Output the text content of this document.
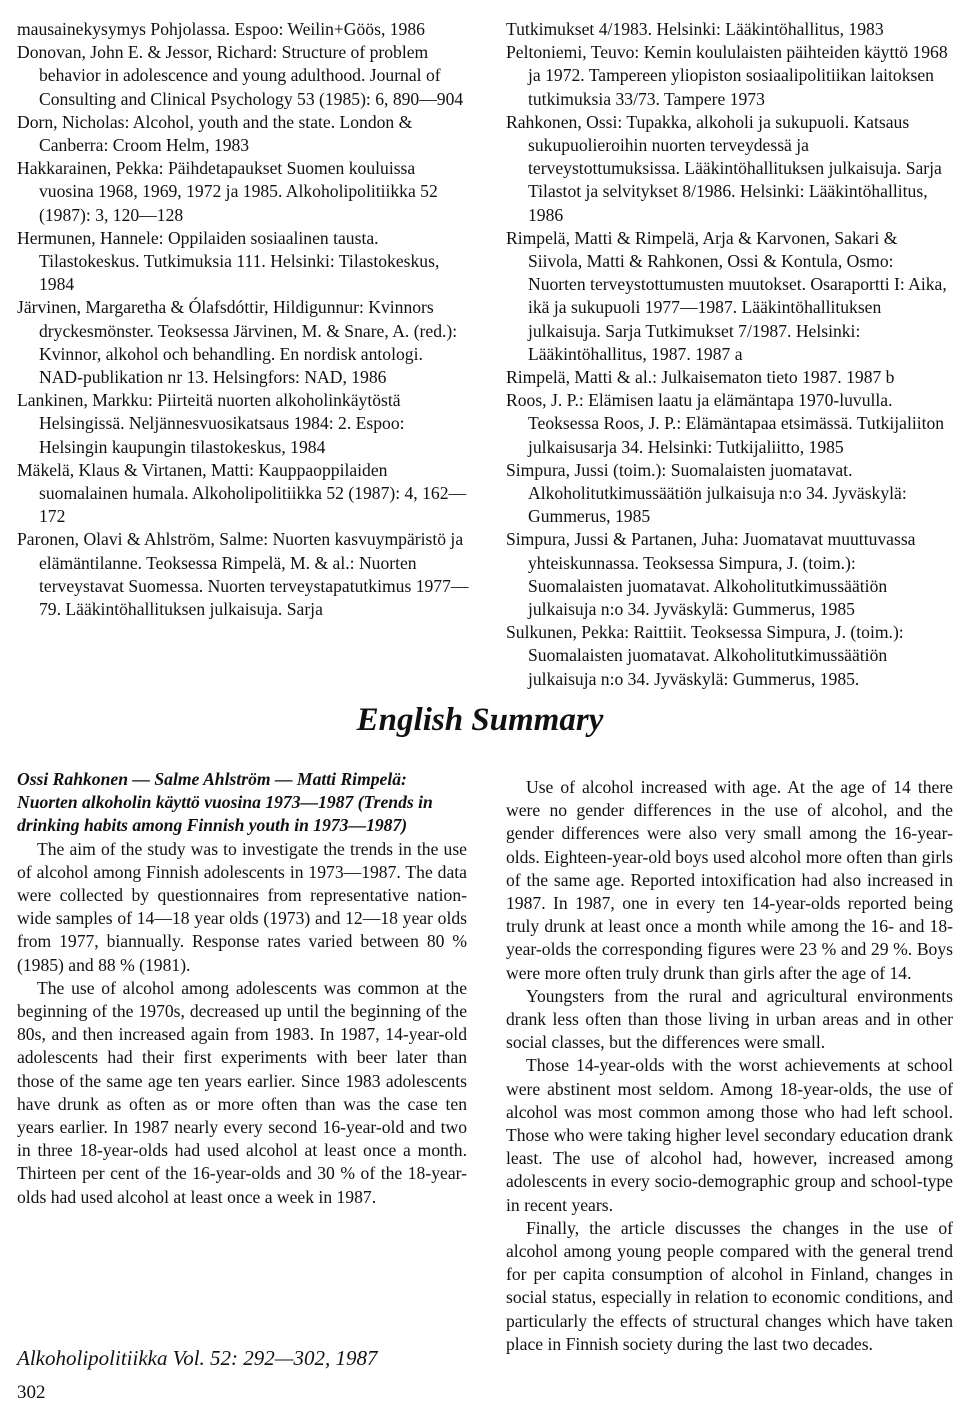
mausainekysymys Pohjolassa. Espoo: Weilin+Göös, 1986

Donovan, John E. & Jessor, Richard: Structure of problem behavior in adolescence and young adulthood. Journal of Consulting and Clinical Psychology 53 (1985): 6, 890—904

Dorn, Nicholas: Alcohol, youth and the state. London & Canberra: Croom Helm, 1983

Hakkarainen, Pekka: Päihdetapaukset Suomen kouluissa vuosina 1968, 1969, 1972 ja 1985. Alkoholipolitiikka 52 (1987): 3, 120—128

Hermunen, Hannele: Oppilaiden sosiaalinen tausta. Tilastokeskus. Tutkimuksia 111. Helsinki: Tilastokeskus, 1984

Järvinen, Margaretha & Ólafsdóttir, Hildigunnur: Kvinnors dryckesmönster. Teoksessa Järvinen, M. & Snare, A. (red.): Kvinnor, alkohol och behandling. En nordisk antologi. NAD-publikation nr 13. Helsingfors: NAD, 1986

Lankinen, Markku: Piirteitä nuorten alkoholinkäytöstä Helsingissä. Neljännesvuosikatsaus 1984: 2. Espoo: Helsingin kaupungin tilastokeskus, 1984

Mäkelä, Klaus & Virtanen, Matti: Kauppaoppilaiden suomalainen humala. Alkoholipolitiikka 52 (1987): 4, 162—172

Paronen, Olavi & Ahlström, Salme: Nuorten kasvuympäristö ja elämäntilanne. Teoksessa Rimpelä, M. & al.: Nuorten terveystavat Suomessa. Nuorten terveystapatutkimus 1977—79. Lääkintöhallituksen julkaisuja. Sarja

Tutkimukset 4/1983. Helsinki: Lääkintöhallitus, 1983

Peltoniemi, Teuvo: Kemin koululaisten päihteiden käyttö 1968 ja 1972. Tampereen yliopiston sosiaalipolitiikan laitoksen tutkimuksia 33/73. Tampere 1973

Rahkonen, Ossi: Tupakka, alkoholi ja sukupuoli. Katsaus sukupuolieroihin nuorten terveydessä ja terveystottumuksissa. Lääkintöhallituksen julkaisuja. Sarja Tilastot ja selvitykset 8/1986. Helsinki: Lääkintöhallitus, 1986

Rimpelä, Matti & Rimpelä, Arja & Karvonen, Sakari & Siivola, Matti & Rahkonen, Ossi & Kontula, Osmo: Nuorten terveystottumusten muutokset. Osaraportti I: Aika, ikä ja sukupuoli 1977—1987. Lääkintöhallituksen julkaisuja. Sarja Tutkimukset 7/1987. Helsinki: Lääkintöhallitus, 1987. 1987 a

Rimpelä, Matti & al.: Julkaisematon tieto 1987. 1987 b

Roos, J. P.: Elämisen laatu ja elämäntapa 1970-luvulla. Teoksessa Roos, J. P.: Elämäntapaa etsimässä. Tutkijaliiton julkaisusarja 34. Helsinki: Tutkijaliitto, 1985

Simpura, Jussi (toim.): Suomalaisten juomatavat. Alkoholitutkimussäätiön julkaisuja n:o 34. Jyväskylä: Gummerus, 1985

Simpura, Jussi & Partanen, Juha: Juomatavat muuttuvassa yhteiskunnassa. Teoksessa Simpura, J. (toim.): Suomalaisten juomatavat. Alkoholitutkimussäätiön julkaisuja n:o 34. Jyväskylä: Gummerus, 1985

Sulkunen, Pekka: Raittiit. Teoksessa Simpura, J. (toim.): Suomalaisten juomatavat. Alkoholitutkimussäätiön julkaisuja n:o 34. Jyväskylä: Gummerus, 1985.

English Summary

Ossi Rahkonen — Salme Ahlström — Matti Rimpelä: Nuorten alkoholin käyttö vuosina 1973—1987 (Trends in drinking habits among Finnish youth in 1973—1987)

The aim of the study was to investigate the trends in the use of alcohol among Finnish adolescents in 1973—1987. The data were collected by questionnaires from representative nation-wide samples of 14—18 year olds (1973) and 12—18 year olds from 1977, biannually. Response rates varied between 80 % (1985) and 88 % (1981).

The use of alcohol among adolescents was common at the beginning of the 1970s, decreased up until the beginning of the 80s, and then increased again from 1983. In 1987, 14-year-old adolescents had their first experiments with beer later than those of the same age ten years earlier. Since 1983 adolescents have drunk as often as or more often than was the case ten years earlier. In 1987 nearly every second 16-year-old and two in three 18-year-olds had used alcohol at least once a month. Thirteen per cent of the 16-year-olds and 30 % of the 18-year-olds had used alcohol at least once a week in 1987.

Use of alcohol increased with age. At the age of 14 there were no gender differences in the use of alcohol, and the gender differences were also very small among the 16-year-olds. Eighteen-year-old boys used alcohol more often than girls of the same age. Reported intoxification had also increased in 1987. In 1987, one in every ten 14-year-olds reported being truly drunk at least once a month while among the 16- and 18-year-olds the corresponding figures were 23 % and 29 %. Boys were more often truly drunk than girls after the age of 14.

Youngsters from the rural and agricultural environments drank less often than those living in urban areas and in other social classes, but the differences were small.

Those 14-year-olds with the worst achievements at school were abstinent most seldom. Among 18-year-olds, the use of alcohol was most common among those who had left school. Those who were taking higher level secondary education drank least. The use of alcohol had, however, increased among adolescents in every socio-demographic group and school-type in recent years.

Finally, the article discusses the changes in the use of alcohol among young people compared with the general trend for per capita consumption of alcohol in Finland, changes in social status, especially in relation to economic conditions, and particularly the effects of structural changes which have taken place in Finnish society during the last two decades.

Alkoholipolitiikka Vol. 52: 292—302, 1987

302
